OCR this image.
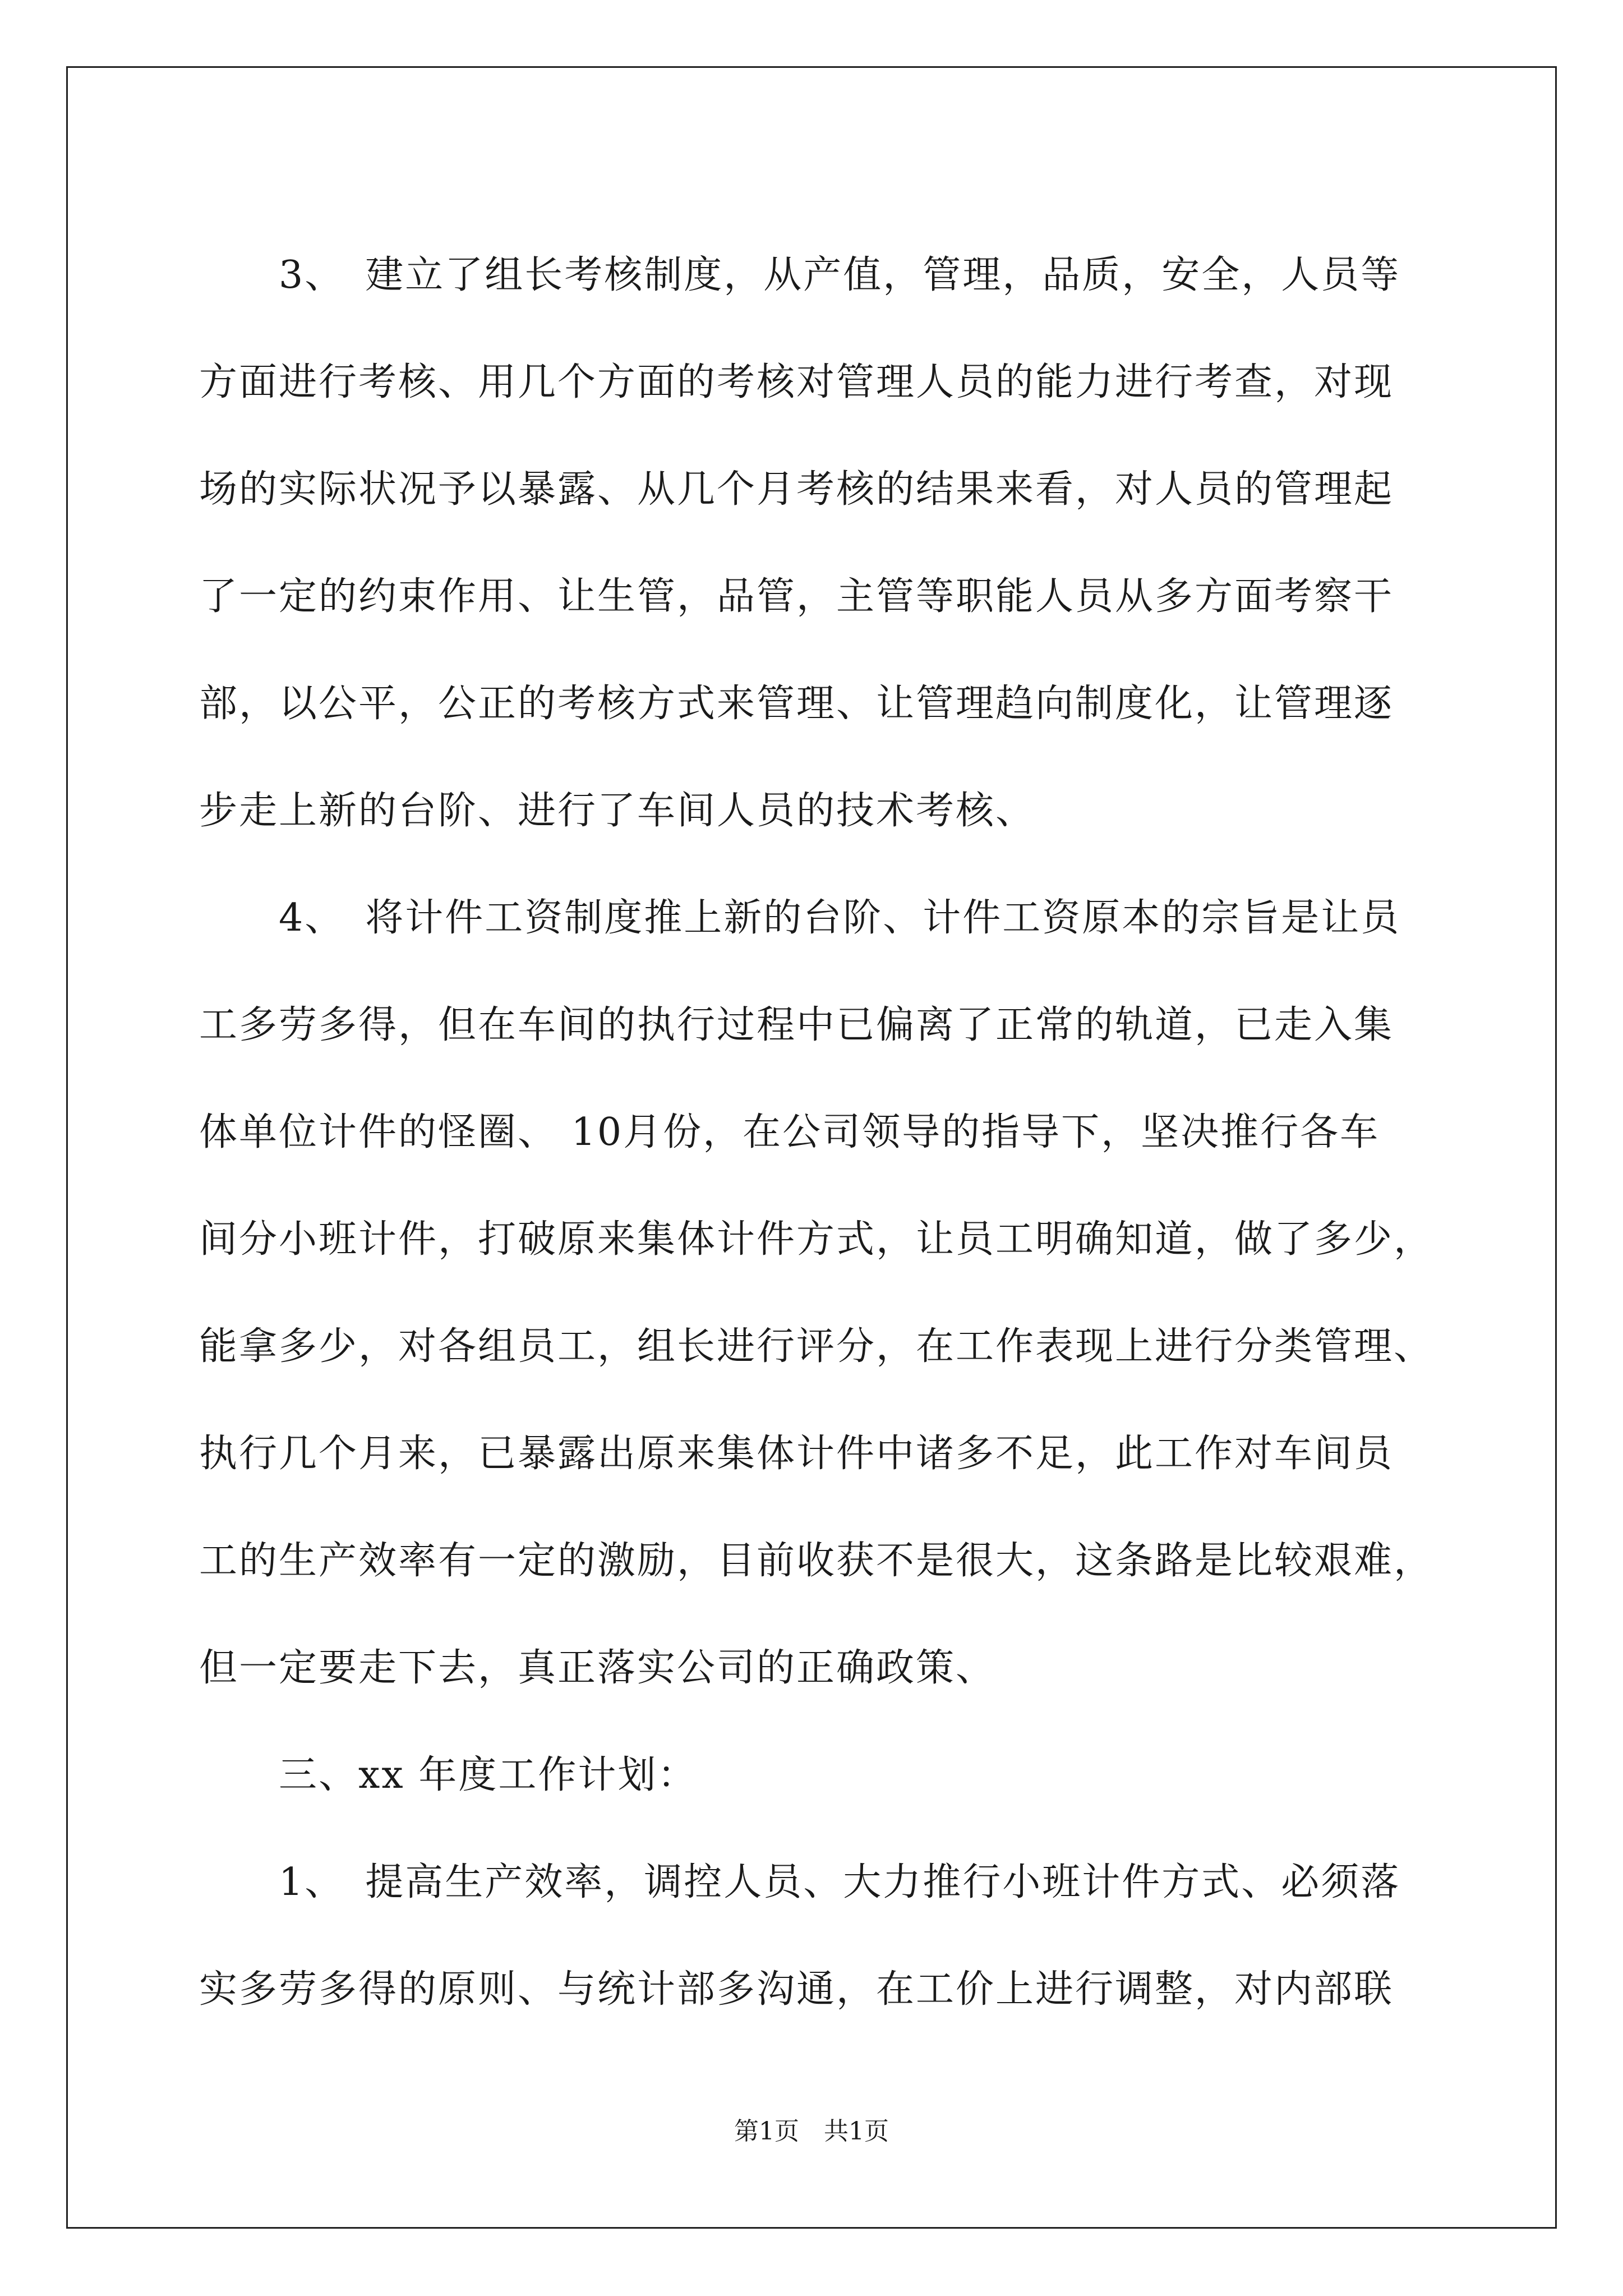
　　3、　建立了组长考核制度，从产值，管理，品质，安全，人员等

方面进行考核、用几个方面的考核对管理人员的能力进行考查，对现

场的实际状况予以暴露、从几个月考核的结果来看，对人员的管理起

了一定的约束作用、让生管，品管，主管等职能人员从多方面考察干

部，以公平，公正的考核方式来管理、让管理趋向制度化，让管理逐

步走上新的台阶、进行了车间人员的技术考核、

　　4、　将计件工资制度推上新的台阶、计件工资原本的宗旨是让员

工多劳多得，但在车间的执行过程中已偏离了正常的轨道，已走入集

体单位计件的怪圈、 10月份，在公司领导的指导下，坚决推行各车

间分小班计件，打破原来集体计件方式，让员工明确知道，做了多少，

能拿多少，对各组员工，组长进行评分，在工作表现上进行分类管理、

执行几个月来，已暴露出原来集体计件中诸多不足，此工作对车间员

工的生产效率有一定的激励，目前收获不是很大，这条路是比较艰难，

但一定要走下去，真正落实公司的正确政策、

　　三、xx 年度工作计划：

　　1、　提高生产效率，调控人员、大力推行小班计件方式、必须落

实多劳多得的原则、与统计部多沟通，在工价上进行调整，对内部联

第1页　共1页
